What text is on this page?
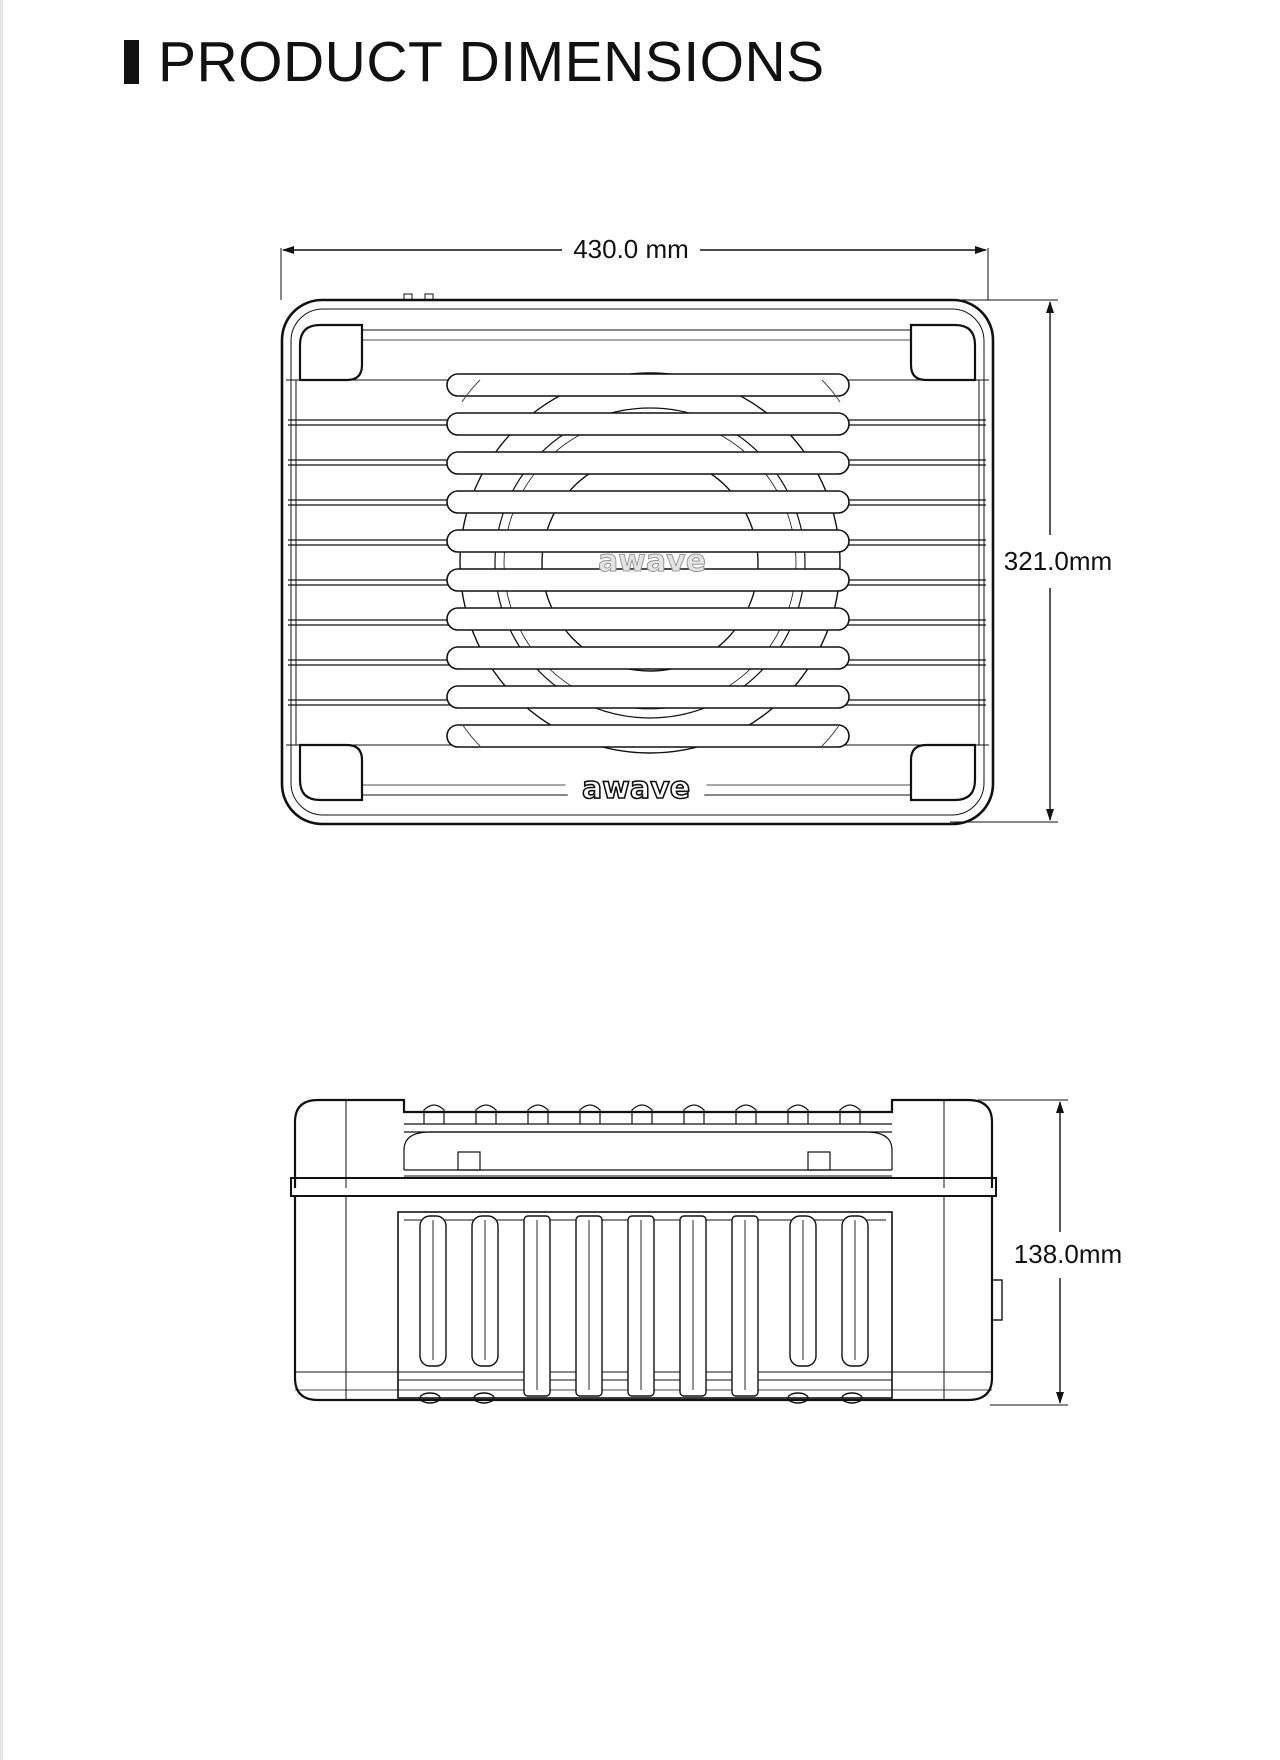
PRODUCT DIMENSIONS
430.0 mm
321.0mm
awave
awave
138.0mm
